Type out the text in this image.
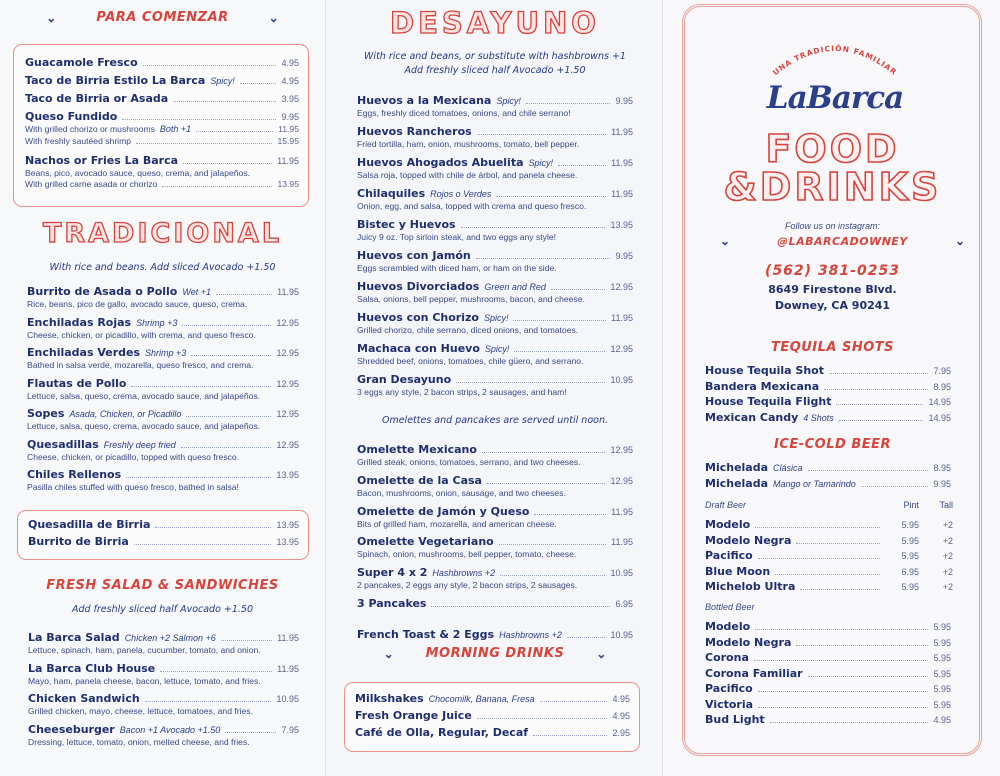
⌄	PARA COMENZAR	⌄
Guacamole Fresco	4.95
Taco de Birria Estilo La Barca Spicy!	4.95
Taco de Birria or Asada	3.95
Queso Fundido	9.95
With grilled chorizo or mushrooms Both +1	11.95
With freshly sautéed shrimp	15.95
Nachos or Fries La Barca	11.95
Beans, pico, avocado sauce, queso, crema, and jalapeños.
With grilled carne asada or chorizo	13.95
TRADICIONAL
With rice and beans. Add sliced Avocado +1.50
Burrito de Asada o Pollo Wet +1	11.95
Rice, beans, pico de gallo, avocado sauce, queso, crema.
Enchiladas Rojas Shrimp +3	12.95
Cheese, chicken, or picadillo, with crema, and queso fresco.
Enchiladas Verdes Shrimp +3	12.95
Bathed in salsa verde, mozarella, queso fresco, and crema.
Flautas de Pollo	12.95
Lettuce, salsa, queso, crema, avocado sauce, and jalapeños.
Sopes Asada, Chicken, or Picadillo	12.95
Lettuce, salsa, queso, crema, avocado sauce, and jalapeños.
Quesadillas Freshly deep fried	12.95
Cheese, chicken, or picadillo, topped with queso fresco.
Chiles Rellenos	13.95
Pasilla chiles stuffed with queso fresco, bathed in salsa!
Quesadilla de Birria	13.95
Burrito de Birria	13.95
FRESH SALAD & SANDWICHES
Add freshly sliced half Avocado +1.50
La Barca Salad Chicken +2 Salmon +6	11.95
Lettuce, spinach, ham, panela, cucumber, tomato, and onion.
La Barca Club House	11.95
Mayo, ham, panela cheese, bacon, lettuce, tomato, and fries.
Chicken Sandwich	10.95
Grilled chicken, mayo, cheese, lettuce, tomatoes, and fries.
Cheeseburger Bacon +1 Avocado +1.50	7.95
Dressing, lettuce, tomato, onion, melted cheese, and fries.
DESAYUNO
With rice and beans, or substitute with hashbrowns +1
Add freshly sliced half Avocado +1.50
Huevos a la Mexicana Spicy!	9.95
Eggs, freshly diced tomatoes, onions, and chile serrano!
Huevos Rancheros	11.95
Fried tortilla, ham, onion, mushrooms, tomato, bell pepper.
Huevos Ahogados Abuelita Spicy!	11.95
Salsa roja, topped with chile de árbol, and panela cheese.
Chilaquiles Rojos o Verdes	11.95
Onion, egg, and salsa, topped with crema and queso fresco.
Bistec y Huevos	13.95
Juicy 9 oz. Top sirloin steak, and two eggs any style!
Huevos con Jamón	9.95
Eggs scrambled with diced ham, or ham on the side.
Huevos Divorciados Green and Red	12.95
Salsa, onions, bell pepper, mushrooms, bacon, and cheese.
Huevos con Chorizo Spicy!	11.95
Grilled chorizo, chile serrano, diced onions, and tomatoes.
Machaca con Huevo Spicy!	12.95
Shredded beef, onions, tomatoes, chile güero, and serrano.
Gran Desayuno	10.95
3 eggs any style, 2 bacon strips, 2 sausages, and ham!
Omelettes and pancakes are served until noon.
Omelette Mexicano	12.95
Grilled steak, onions, tomatoes, serrano, and two cheeses.
Omelette de la Casa	12.95
Bacon, mushrooms, onion, sausage, and two cheeses.
Omelette de Jamón y Queso	11.95
Bits of grilled ham, mozarella, and american cheese.
Omelette Vegetariano	11.95
Spinach, onion, mushrooms, bell pepper, tomato, cheese.
Super 4 x 2 Hashbrowns +2	10.95
2 pancakes, 2 eggs any style, 2 bacon strips, 2 sausages.
3 Pancakes	6.95
French Toast & 2 Eggs Hashbrowns +2	10.95
⌄ MORNING DRINKS	⌄
Milkshakes Chocomilk, Banana, Fresa	4.95
Fresh Orange Juice	4.95
Café de Olla, Regular, Decaf	2.95
UNA TRADICIÓN FAMILIAR
LaBarca
FOOD
&DRINKS
Follow us on instagram:
⌄	@LABARCADOWNEY	⌄
(562) 381-0253
8649 Firestone Blvd.
Downey, CA 90241
TEQUILA SHOTS
House Tequila Shot	7.95
Bandera Mexicana	8.95
House Tequila Flight	14.95
Mexican Candy 4 Shots	14.95
ICE-COLD BEER
Michelada Clásica	8.95
Michelada Mango or Tamarindo	9.95
Draft Beer	Pint	Tall
Modelo	5.95	+2
Modelo Negra	5.95	+2
Pacifico	5.95	+2
Blue Moon	6.95	+2
Michelob Ultra	5.95	+2
Bottled Beer
Modelo	5.95
Modelo Negra	5.95
Corona	5.95
Corona Familiar	5.95
Pacifico	5.95
Victoria	5.95
Bud Light	4.95
